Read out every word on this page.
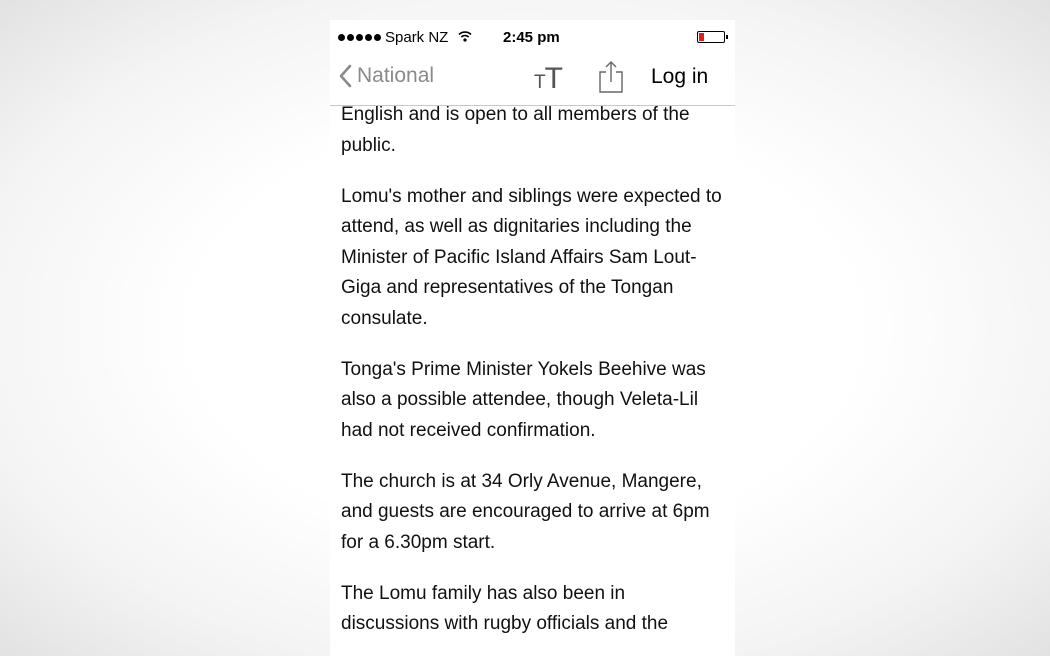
Spark NZ	2:45 pm
National	TT	Log in

English and is open to all members of the public.

Lomu's mother and siblings were expected to attend, as well as dignitaries including the Minister of Pacific Island Affairs Sam Lout-Giga and representatives of the Tongan consulate.

Tonga's Prime Minister Yokels Beehive was also a possible attendee, though Veleta-Lil had not received confirmation.

The church is at 34 Orly Avenue, Mangere, and guests are encouraged to arrive at 6pm for a 6.30pm start.

The Lomu family has also been in discussions with rugby officials and the
